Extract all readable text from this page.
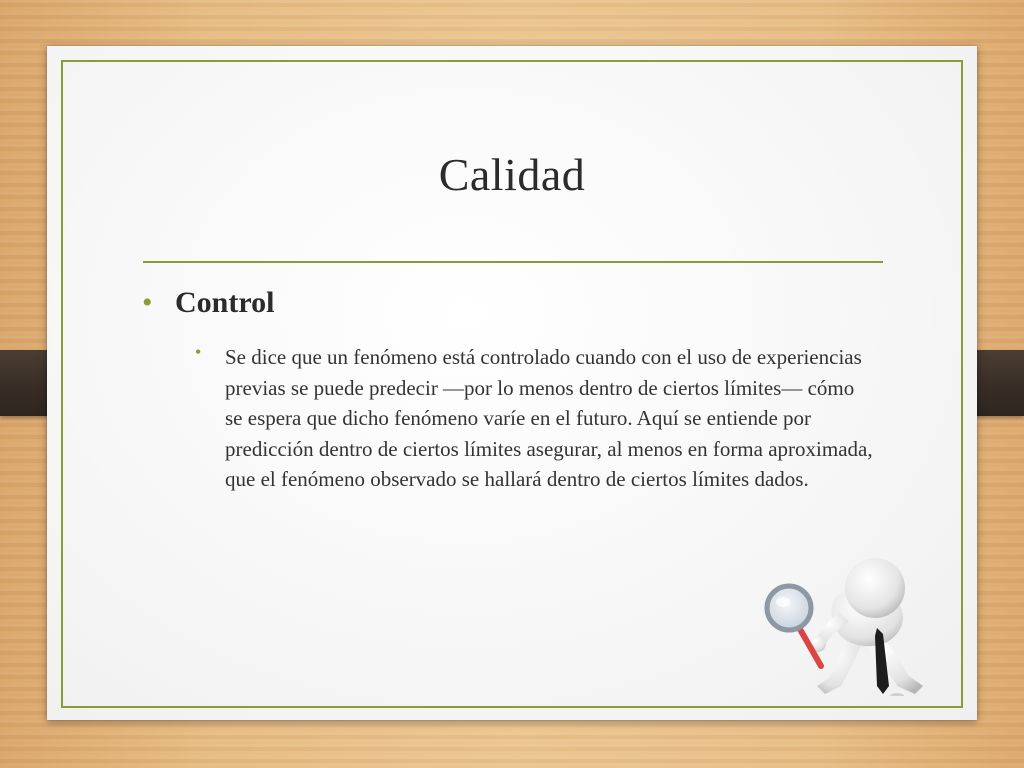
Calidad
• Control
• Se dice que un fenómeno está controlado cuando con el uso de experiencias previas se puede predecir —por lo menos dentro de ciertos límites— cómo se espera que dicho fenómeno varíe en el futuro. Aquí se entiende por predicción dentro de ciertos límites asegurar, al menos en forma aproximada, que el fenómeno observado se hallará dentro de ciertos límites dados.
